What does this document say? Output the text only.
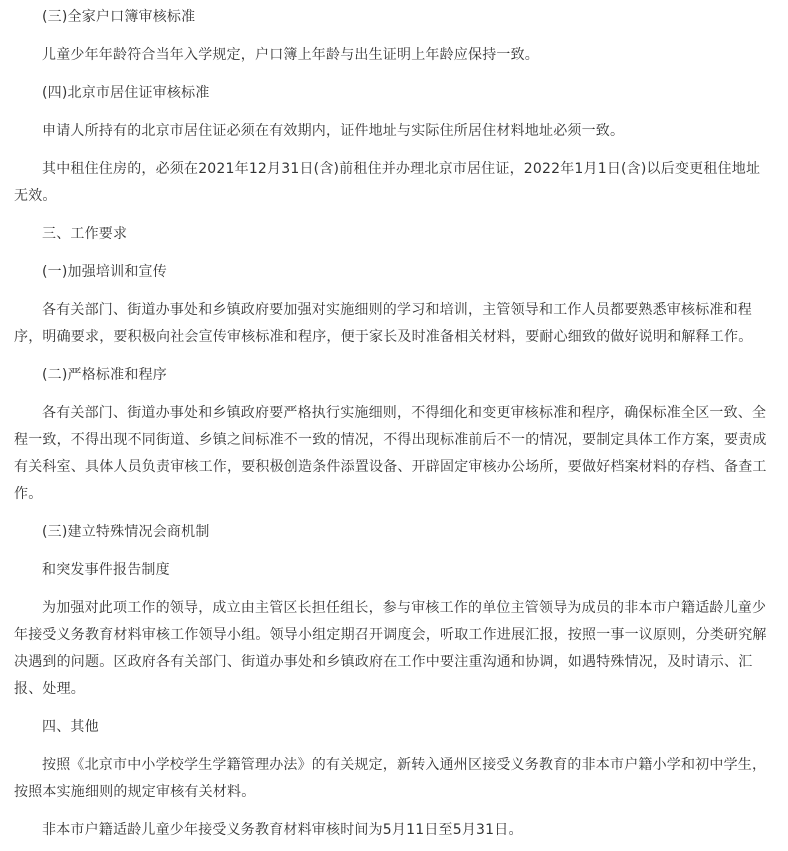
(三)全家户口簿审核标准

儿童少年年龄符合当年入学规定，户口簿上年龄与出生证明上年龄应保持一致。

(四)北京市居住证审核标准

申请人所持有的北京市居住证必须在有效期内，证件地址与实际住所居住材料地址必须一致。

其中租住住房的，必须在2021年12月31日(含)前租住并办理北京市居住证，2022年1月1日(含)以后变更租住地址无效。

三、工作要求

(一)加强培训和宣传

各有关部门、街道办事处和乡镇政府要加强对实施细则的学习和培训，主管领导和工作人员都要熟悉审核标准和程序，明确要求，要积极向社会宣传审核标准和程序，便于家长及时准备相关材料，要耐心细致的做好说明和解释工作。

(二)严格标准和程序

各有关部门、街道办事处和乡镇政府要严格执行实施细则，不得细化和变更审核标准和程序，确保标准全区一致、全程一致，不得出现不同街道、乡镇之间标准不一致的情况，不得出现标准前后不一的情况，要制定具体工作方案，要责成有关科室、具体人员负责审核工作，要积极创造条件添置设备、开辟固定审核办公场所，要做好档案材料的存档、备查工作。

(三)建立特殊情况会商机制

和突发事件报告制度

为加强对此项工作的领导，成立由主管区长担任组长，参与审核工作的单位主管领导为成员的非本市户籍适龄儿童少年接受义务教育材料审核工作领导小组。领导小组定期召开调度会，听取工作进展汇报，按照一事一议原则，分类研究解决遇到的问题。区政府各有关部门、街道办事处和乡镇政府在工作中要注重沟通和协调，如遇特殊情况，及时请示、汇报、处理。

四、其他

按照《北京市中小学校学生学籍管理办法》的有关规定，新转入通州区接受义务教育的非本市户籍小学和初中学生，按照本实施细则的规定审核有关材料。

非本市户籍适龄儿童少年接受义务教育材料审核时间为5月11日至5月31日。
